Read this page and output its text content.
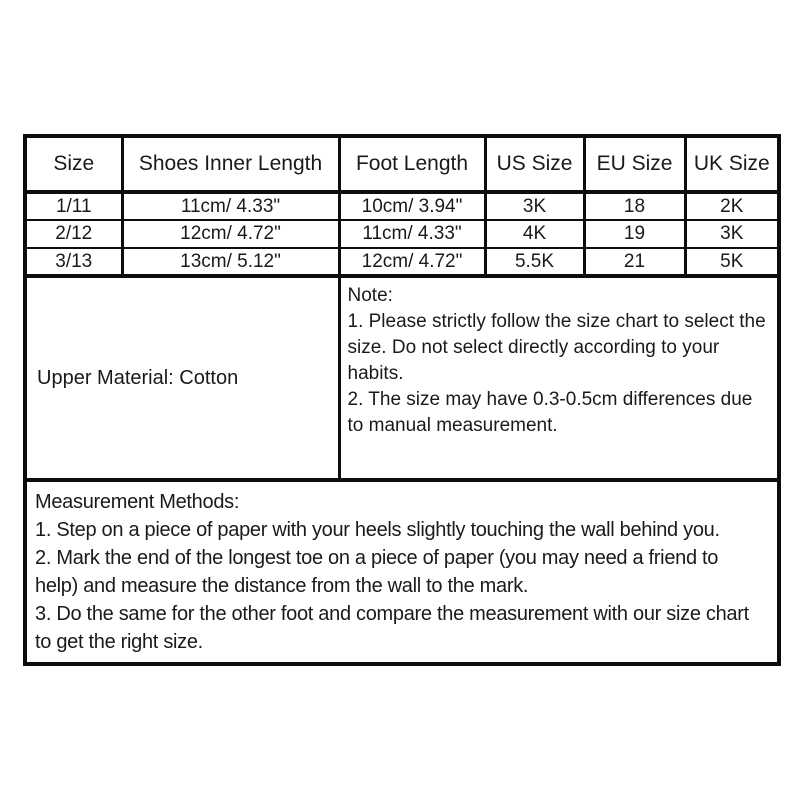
Size	Shoes Inner Length	Foot Length	US Size	EU Size	UK Size
1/11	11cm/ 4.33"	10cm/ 3.94"	3K	18	2K
2/12	12cm/ 4.72"	11cm/ 4.33"	4K	19	3K
3/13	13cm/ 5.12"	12cm/ 4.72"	5.5K	21	5K
Upper Material: Cotton		Note:
1. Please strictly follow the size chart to select the size. Do not select directly according to your habits.
2. The size may have 0.3-0.5cm differences due to manual measurement.			

Measurement Methods:
1. Step on a piece of paper with your heels slightly touching the wall behind you.
2. Mark the end of the longest toe on a piece of paper (you may need a friend to help) and measure the distance from the wall to the mark.
3. Do the same for the other foot and compare the measurement with our size chart to get the right size.					
